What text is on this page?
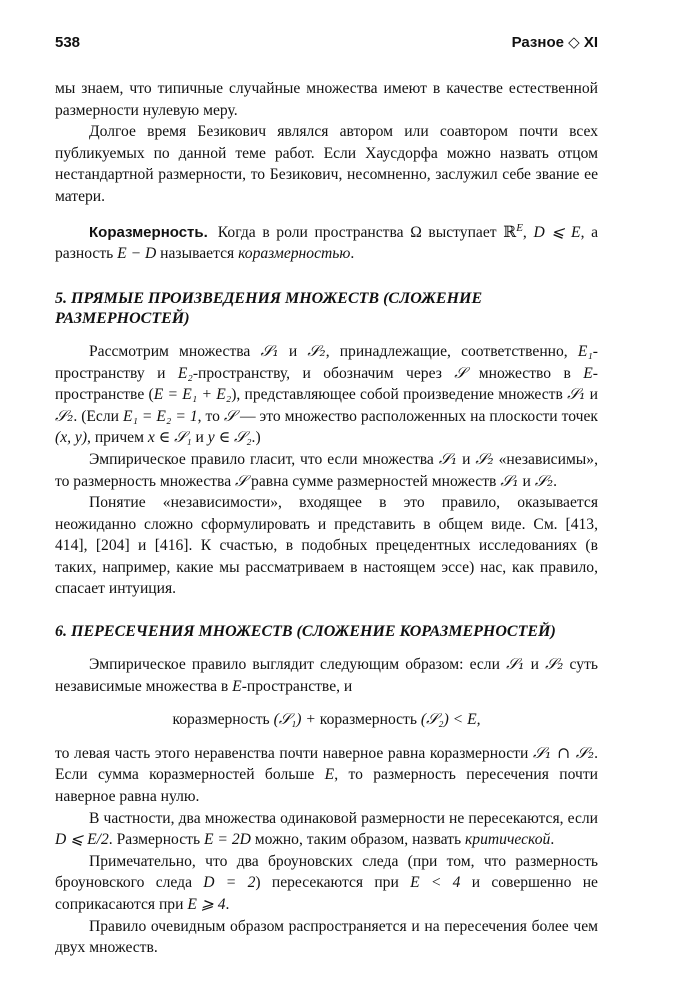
538	Разное ◇ XI

мы знаем, что типичные случайные множества имеют в качестве естественной размерности нулевую меру.

Долгое время Безикович являлся автором или соавтором почти всех публикуемых по данной теме работ. Если Хаусдорфа можно назвать отцом нестандартной размерности, то Безикович, несомненно, заслужил себе звание ее матери.

Коразмерность. Когда в роли пространства Ω выступает ℝ$^E$, D ⩽ E, а разность E − D называется коразмерностью.

5. ПРЯМЫЕ ПРОИЗВЕДЕНИЯ МНОЖЕСТВ (СЛОЖЕНИЕ РАЗМЕРНОСТЕЙ)

Рассмотрим множества 𝒮₁ и 𝒮₂, принадлежащие, соответственно, E₁-пространству и E₂-пространству, и обозначим через 𝒮 множество в E-пространстве (E = E₁ + E₂), представляющее собой произведение множеств 𝒮₁ и 𝒮₂. (Если E₁ = E₂ = 1, то 𝒮 — это множество расположенных на плоскости точек (x, y), причем x ∈ 𝒮₁ и y ∈ 𝒮₂.)

Эмпирическое правило гласит, что если множества 𝒮₁ и 𝒮₂ «независимы», то размерность множества 𝒮 равна сумме размерностей множеств 𝒮₁ и 𝒮₂.

Понятие «независимости», входящее в это правило, оказывается неожиданно сложно сформулировать и представить в общем виде. См. [413, 414], [204] и [416]. К счастью, в подобных прецедентных исследованиях (в таких, например, какие мы рассматриваем в настоящем эссе) нас, как правило, спасает интуиция.

6. ПЕРЕСЕЧЕНИЯ МНОЖЕСТВ (СЛОЖЕНИЕ КОРАЗМЕРНОСТЕЙ)

Эмпирическое правило выглядит следующим образом: если 𝒮₁ и 𝒮₂ суть независимые множества в E-пространстве, и

коразмерность (𝒮₁) + коразмерность (𝒮₂) < E,

то левая часть этого неравенства почти наверное равна коразмерности 𝒮₁ ∩ 𝒮₂. Если сумма коразмерностей больше E, то размерность пересечения почти наверное равна нулю.

В частности, два множества одинаковой размерности не пересекаются, если D ⩽ E/2. Размерность E = 2D можно, таким образом, назвать критической.

Примечательно, что два броуновских следа (при том, что размерность броуновского следа D = 2) пересекаются при E < 4 и совершенно не соприкасаются при E ⩾ 4.

Правило очевидным образом распространяется и на пересечения более чем двух множеств.
